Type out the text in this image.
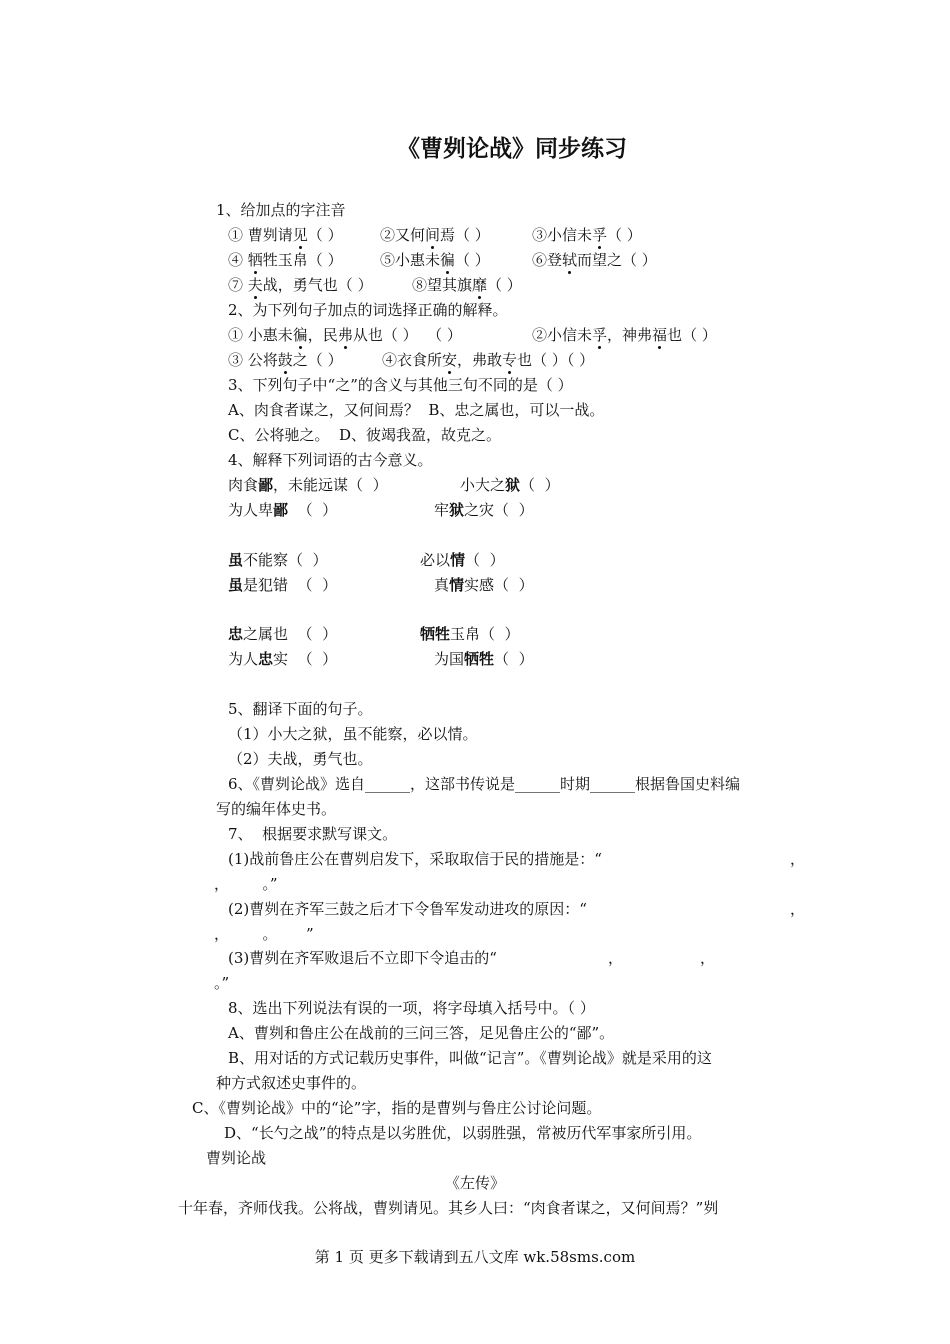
《曹刿论战》同步练习
1、给加点的字注音
① 曹刿请见（ ） ②又何间焉（ ）	③小信未孚（ ）
④ 牺牲玉帛（ ） ⑤小惠未徧（ ）	⑥登轼而望之（ ）
⑦ 夫战，勇气也（ ）	⑧望其旗靡（ ）
2、为下列句子加点的词选择正确的解释。
① 小惠未徧，民弗从也（ ）  （ ）	②小信未孚，神弗福也（ ）
③ 公将鼓之（ ）	④衣食所安，弗敢专也（ ）（ ）
3、下列句子中“之”的含义与其他三句不同的是（ ）
A、肉食者谋之，又何间焉？  B、忠之属也，可以一战。
C、公将驰之。  D、彼竭我盈，故克之。
4、解释下列词语的古今意义。
肉食鄙，未能远谋（  ）	小大之狱（  ）
为人卑鄙  （  ）	牢狱之灾（  ）
虽不能察（  ）	必以情（  ）
虽是犯错  （  ）	真情实感（  ）
忠之属也  （  ）	牺牲玉帛（  ）
为人忠实  （  ）	为国牺牲（  ）
5、翻译下面的句子。
（1）小大之狱，虽不能察，必以情。
（2）夫战，勇气也。
6、《曹刿论战》选自______，这部书传说是______时期______根据鲁国史料编
写的编年体史书。
7、  根据要求默写课文。
(1)战前鲁庄公在曹刿启发下，采取取信于民的措施是：“	，
，       。”
(2)曹刿在齐军三鼓之后才下令鲁军发动进攻的原因：“	，
，       。      ”
(3)曹刿在齐军败退后不立即下令追击的“	，	，
。”
8、选出下列说法有误的一项，将字母填入括号中。（ ）
A、曹刿和鲁庄公在战前的三问三答，足见鲁庄公的“鄙”。
B、用对话的方式记载历史事件，叫做“记言”。《曹刿论战》就是采用的这
种方式叙述史事件的。
C、《曹刿论战》中的“论”字，指的是曹刿与鲁庄公讨论问题。
D、“长勺之战”的特点是以劣胜优，以弱胜强，常被历代军事家所引用。
曹刿论战
《左传》
十年春，齐师伐我。公将战，曹刿请见。其乡人曰：“肉食者谋之，又何间焉？”刿
第 1 页 更多下载请到五八文库 wk.58sms.com
